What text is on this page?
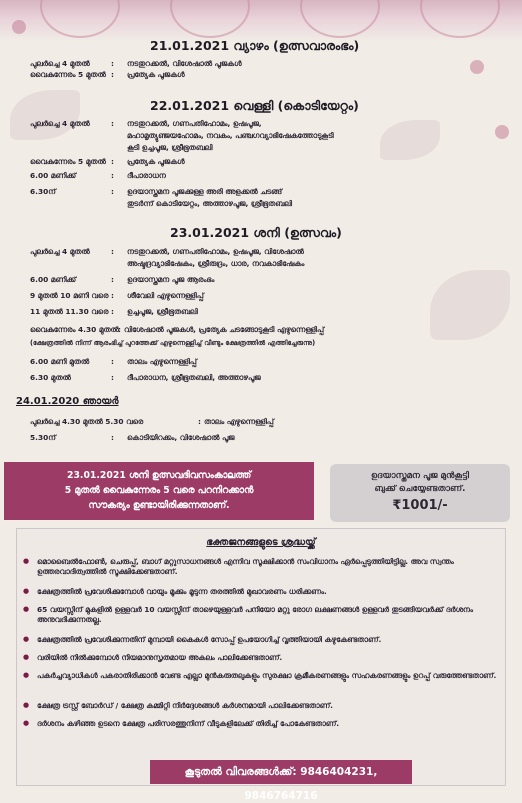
21.01.2021 വ്യാഴം (ഉത്സവാരംഭം)
പുലർച്ചെ 4 മുതൽ	: നടതുറക്കൽ, വിശേഷാൽ പൂജകൾ
വൈകുന്നേരം 5 മുതൽ : പ്രത്യേക പൂജകൾ
22.01.2021 വെള്ളി (കൊടിയേറ്റം)
പുലർച്ചെ 4 മുതൽ	: നടതുറക്കൽ, ഗണപതിഹോമം, ഉഷപൂജ,
മഹാമൃത്യുഞ്ജയഹോമം, നവകം, പഞ്ചഗവ്യാഭിഷേകത്തോടുകൂടി
കൂടി ഉച്ചപൂജ, ശ്രീഭൂതബലി
വൈകുന്നേരം 5 മുതൽ : പ്രത്യേക പൂജകൾ
6.00 മണിക്ക്	: ദീപാരാധന
6.30ന്	: ഉദയാസ്തമന പൂജക്കുള്ള അരി അളക്കൽ ചടങ്ങ്
തുടർന്ന് കൊടിയേറ്റം, അത്താഴപൂജ, ശ്രീഭൂതബലി
23.01.2021 ശനി (ഉത്സവം)
പുലർച്ചെ 4 മുതൽ	: നടതുറക്കൽ, ഗണപതിഹോമം, ഉഷപൂജ, വിശേഷാൽ
അഷ്ടദ്രവ്യാഭിഷേകം, ശ്രീരുദ്രം, ധാര, നവകാഭിഷേകം
6.00 മണിക്ക്	: ഉദയാസ്തമന പൂജ ആരംഭം
9 മുതൽ 10 മണി വരെ : ശീവേലി എഴുന്നെള്ളിപ്പ്
11 മുതൽ 11.30 വരെ : ഉച്ചപൂജ, ശ്രീഭൂതബലി
വൈകുന്നേരം 4.30 മുതൽ : വിശേഷാൽ പൂജകൾ, പ്രത്യേക ചടങ്ങോടുകൂടി എഴുന്നെള്ളിപ്പ്
(ക്ഷേത്രത്തിൽ നിന്ന് ആരംഭിച്ച് പുറത്തേക്ക് എഴുന്നെള്ളിച്ച് വീണ്ടും ക്ഷേത്രത്തിൽ എത്തിച്ചേരുന്നു)
6.00 മണി മുതൽ	: താലം എഴുന്നെള്ളിപ്പ്
6.30 മുതൽ	: ദീപാരാധന, ശ്രീഭൂതബലി, അത്താഴപൂജ
24.01.2020 ഞായർ
പുലർച്ചെ 4.30 മുതൽ 5.30 വരെ	: താലം എഴുന്നെള്ളിപ്പ്
5.30ന്	: കൊടിയിറക്കം, വിശേഷാൽ പൂജ
23.01.2021 ശനി ഉത്സവദിവസംകാലത്ത്
5 മുതൽ വൈകുന്നേരം 5 വരെ പറനിറക്കാൻ
സൗകര്യം ഉണ്ടായിരിക്കുന്നതാണ്.
ഉദയാസ്തമന പൂജ മുൻകൂട്ടി
ബുക്ക് ചെയ്യേണ്ടതാണ്.
₹1001/-
ഭക്തജനങ്ങളുടെ ശ്രദ്ധയ്ക്ക്
● മൊബൈൽഫോൺ, ചെരുപ്പ്, ബാഗ് മറ്റുസാധനങ്ങൾ എന്നിവ സൂക്ഷിക്കാൻ സംവിധാനം ഏർപ്പെടുത്തിയിട്ടില്ല. അവ സ്വന്തം ഉത്തരവാദിത്വത്തിൽ സൂക്ഷിക്കേണ്ടതാണ്.
● ക്ഷേത്രത്തിൽ പ്രവേശിക്കുമ്പോൾ വായും മൂക്കും മൂടുന്ന തരത്തിൽ മുഖാവരണം ധരിക്കണം.
● 65 വയസ്സിന് മുകളിൽ ഉള്ളവർ 10 വയസ്സിന് താഴെയുള്ളവർ പനിയോ മറ്റു രോഗ ലക്ഷണങ്ങൾ ഉള്ളവർ തുടങ്ങിയവർക്ക് ദർശനം അനുവദിക്കുന്നതല്ല.
● ക്ഷേത്രത്തിൽ പ്രവേശിക്കുന്നതിന് മുമ്പായി കൈകൾ സോപ്പ് ഉപയോഗിച്ച് വൃത്തിയായി കഴുകേണ്ടതാണ്.
● വരിയിൽ നിൽക്കുമ്പോൾ നിയമാനുസൃതമായ അകലം പാലിക്കേണ്ടതാണ്.
● പകർച്ചവ്യാധികൾ പകരാതിരിക്കാൻ വേണ്ട എല്ലാ മുൻകരുതലുകളും സുരക്ഷാ ക്രമീകരണങ്ങളും സഹകരണങ്ങളും ഉറപ്പ് വരുത്തേണ്ടതാണ്.
● ക്ഷേത്ര ട്രസ്റ്റ് ബോർഡ് / ക്ഷേത്ര കമ്മിറ്റി നിർദ്ദേശങ്ങൾ കർശനമായി പാലിക്കേണ്ടതാണ്.
● ദർശനം കഴിഞ്ഞ ഉടനെ ക്ഷേത്ര പരിസരത്തുനിന്ന് വീടുകളിലേക്ക് തിരിച്ച് പോകേണ്ടതാണ്.
കൂടുതൽ വിവരങ്ങൾക്ക്: 9846404231, 9846764716
